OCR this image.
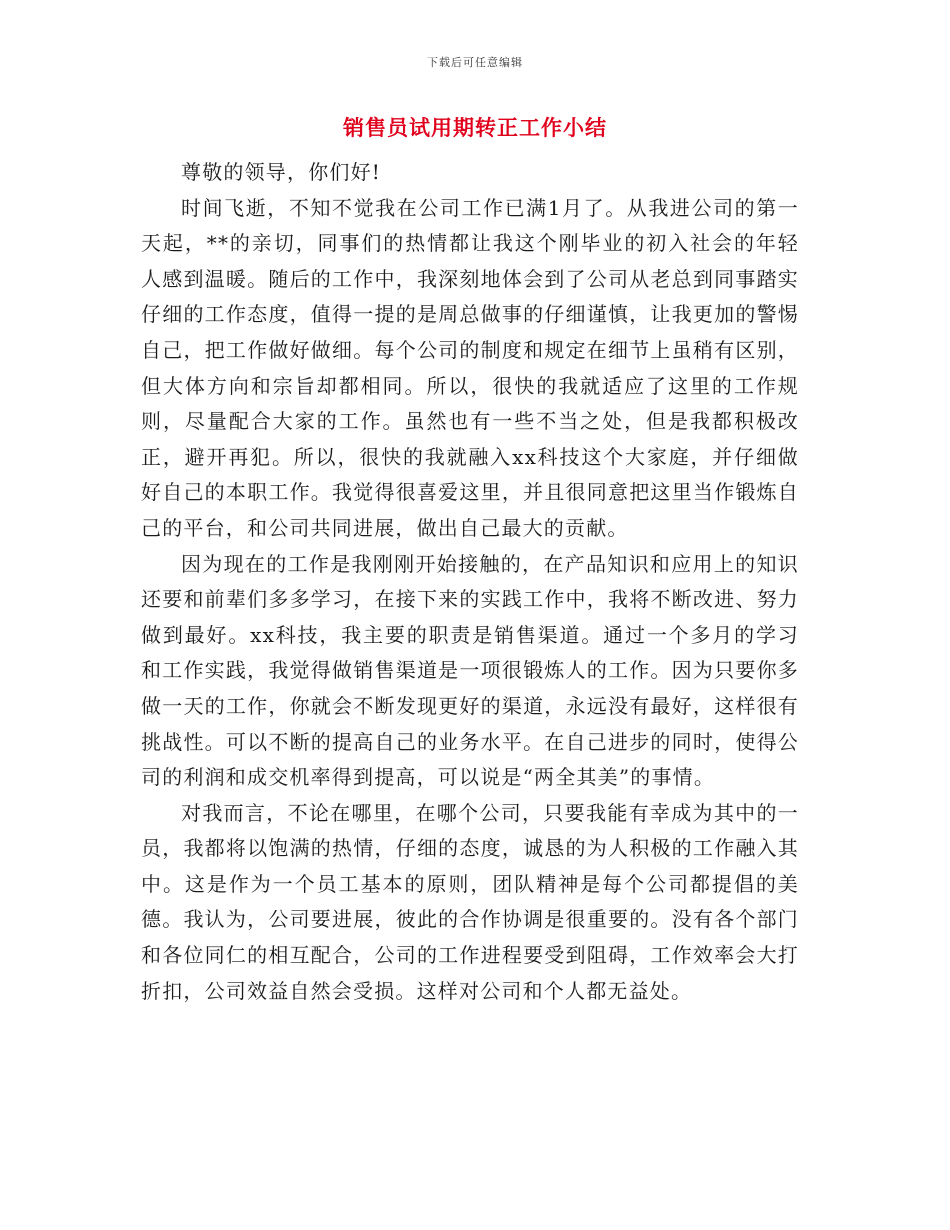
下载后可任意编辑
销售员试用期转正工作小结

尊敬的领导，你们好!

时间飞逝，不知不觉我在公司工作已满1月了。从我进公司的第一天起，**的亲切，同事们的热情都让我这个刚毕业的初入社会的年轻人感到温暖。随后的工作中，我深刻地体会到了公司从老总到同事踏实仔细的工作态度，值得一提的是周总做事的仔细谨慎，让我更加的警惕自己，把工作做好做细。每个公司的制度和规定在细节上虽稍有区别，但大体方向和宗旨却都相同。所以，很快的我就适应了这里的工作规则，尽量配合大家的工作。虽然也有一些不当之处，但是我都积极改正，避开再犯。所以，很快的我就融入xx科技这个大家庭，并仔细做好自己的本职工作。我觉得很喜爱这里，并且很同意把这里当作锻炼自己的平台，和公司共同进展，做出自己最大的贡献。

因为现在的工作是我刚刚开始接触的，在产品知识和应用上的知识还要和前辈们多多学习，在接下来的实践工作中，我将不断改进、努力做到最好。xx科技，我主要的职责是销售渠道。通过一个多月的学习和工作实践，我觉得做销售渠道是一项很锻炼人的工作。因为只要你多做一天的工作，你就会不断发现更好的渠道，永远没有最好，这样很有挑战性。可以不断的提高自己的业务水平。在自己进步的同时，使得公司的利润和成交机率得到提高，可以说是“两全其美”的事情。

对我而言，不论在哪里，在哪个公司，只要我能有幸成为其中的一员，我都将以饱满的热情，仔细的态度，诚恳的为人积极的工作融入其中。这是作为一个员工基本的原则，团队精神是每个公司都提倡的美德。我认为，公司要进展，彼此的合作协调是很重要的。没有各个部门和各位同仁的相互配合，公司的工作进程要受到阻碍，工作效率会大打折扣，公司效益自然会受损。这样对公司和个人都无益处。
